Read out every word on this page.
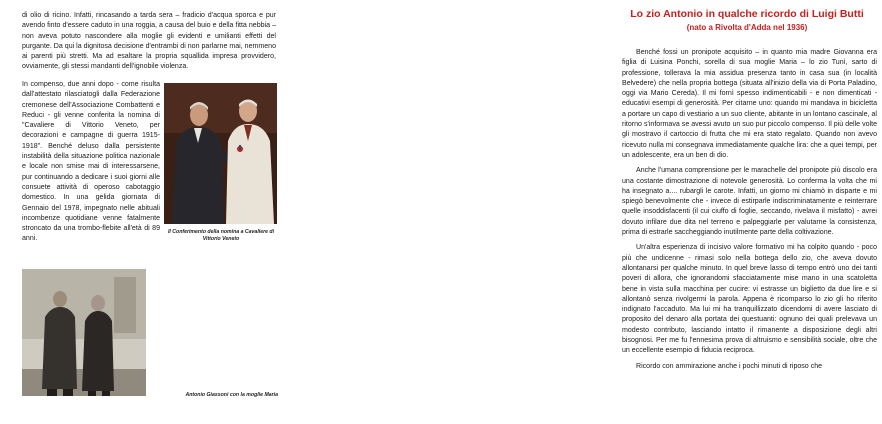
di olio di ricino. Infatti, rincasando a tarda sera – fradicio d'acqua sporca e pur avendo finto d'essere caduto in una roggia, a causa del buio e della fitta nebbia – non aveva potuto nascondere alla moglie gli evidenti e umilianti effetti del purgante. Da qui la dignitosa decisione d'entrambi di non parlarne mai, nemmeno ai parenti più stretti. Ma ad esaltare la propria squallida impresa provvidero, ovviamente, gli stessi mandanti dell'ignobile violenza.

In compenso, due anni dopo - come risulta dall'attestato rilasciatogli dalla Federazione cremonese dell'Associazione Combattenti e Reduci - gli venne conferita la nomina di "Cavaliere di Vittorio Veneto, per decorazioni e campagne di guerra 1915-1918". Benché deluso dalla persistente instabilità della situazione politica nazionale e locale non smise mai di interessarsene, pur continuando a dedicare i suoi giorni alle consuete attività di operoso cabotaggio domestico. In una gelida giornata di Gennaio del 1978, impegnato nelle abituali incombenze quotidiane venne fatalmente stroncato da una trombo-flebite all'età di 89 anni.

Il Conferimento della nomina a Cavaliere di Vittorio Veneto

Antonio Giassoni con la moglie Maria

Lo zio Antonio in qualche ricordo di Luigi Butti
(nato a Rivolta d'Adda nel 1936)

Benché fossi un pronipote acquisito – in quanto mia madre Giovanna era figlia di Luisina Ponchi, sorella di sua moglie Maria – lo zio Tunì, sarto di professione, tollerava la mia assidua presenza tanto in casa sua (in località Belvedere) che nella propria bottega (situata all'inizio della via di Porta Paladino, oggi via Mario Cereda). Il mi fornì spesso indimenticabili - e non dimenticati - educativi esempi di generosità. Per citarne uno: quando mi mandava in bicicletta a portare un capo di vestiario a un suo cliente, abitante in un lontano cascinale, al ritorno s'informava se avessi avuto un suo pur piccolo compenso. Il più delle volte gli mostravo il cartoccio di frutta che mi era stato regalato. Quando non avevo ricevuto nulla mi consegnava immediatamente qualche lira: che a quei tempi, per un adolescente, era un ben di dio.

Anche l'umana comprensione per le marachelle del pronipote più discolo era una costante dimostrazione di notevole generosità. Lo conferma la volta che mi ha insegnato a.... rubargli le carote. Infatti, un giorno mi chiamò in disparte e mi spiegò benevolmente che - invece di estirparle indiscriminatamente e reinterrare quelle insoddisfacenti (il cui ciuffo di foglie, seccando, rivelava il misfatto) - avrei dovuto infilare due dita nel terreno e palpeggiarle per valutarne la consistenza, prima di estrarle saccheggiando inutilmente parte della coltivazione.

Un'altra esperienza di incisivo valore formativo mi ha colpito quando - poco più che undicenne - rimasi solo nella bottega dello zio, che aveva dovuto allontanarsi per qualche minuto. In quel breve lasso di tempo entrò uno dei tanti poveri di allora, che ignorandomi sfacciatamente mise mano in una scatoletta bene in vista sulla macchina per cucire: vi estrasse un biglietto da due lire e si allontanò senza rivolgermi la parola. Appena è ricomparso lo zio gli ho riferito indignato l'accaduto. Ma lui mi ha tranquillizzato dicendomi di avere lasciato di proposito del denaro alla portata dei questuanti: ognuno dei quali prelevava un modesto contributo, lasciando intatto il rimanente a disposizione degli altri bisognosi. Per me fu l'ennesima prova di altruismo e sensibilità sociale, oltre che un eccellente esempio di fiducia reciproca.

Ricordo con ammirazione anche i pochi minuti di riposo che
